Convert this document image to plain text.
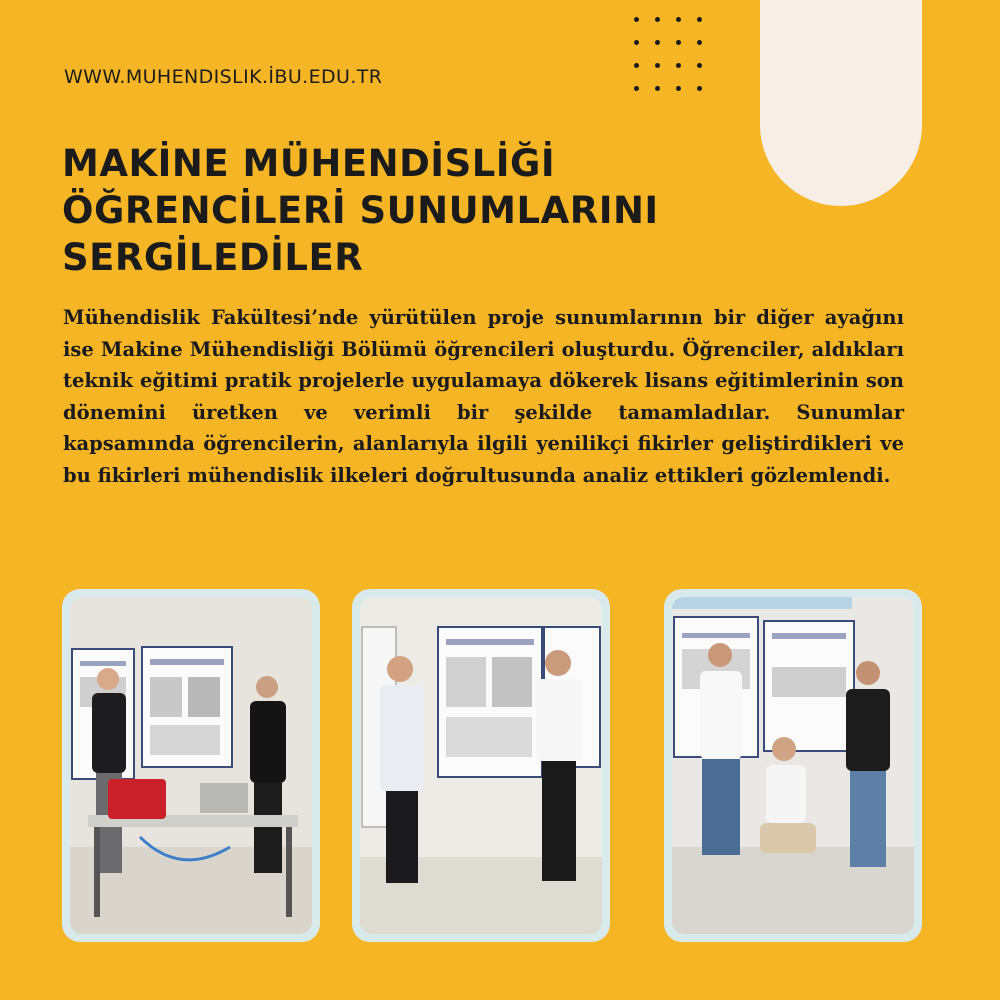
WWW.MUHENDISLIK.İBU.EDU.TR

MAKİNE MÜHENDİSLİĞİ
ÖĞRENCİLERİ SUNUMLARINI
SERGİLEDİLER

Mühendislik Fakültesi’nde yürütülen proje sunumlarının bir diğer ayağını ise Makine Mühendisliği Bölümü öğrencileri oluşturdu. Öğrenciler, aldıkları teknik eğitimi pratik projelerle uygulamaya dökerek lisans eğitimlerinin son dönemini üretken ve verimli bir şekilde tamamladılar. Sunumlar kapsamında öğrencilerin, alanlarıyla ilgili yenilikçi fikirler geliştirdikleri ve bu fikirleri mühendislik ilkeleri doğrultusunda analiz ettikleri gözlemlendi.
